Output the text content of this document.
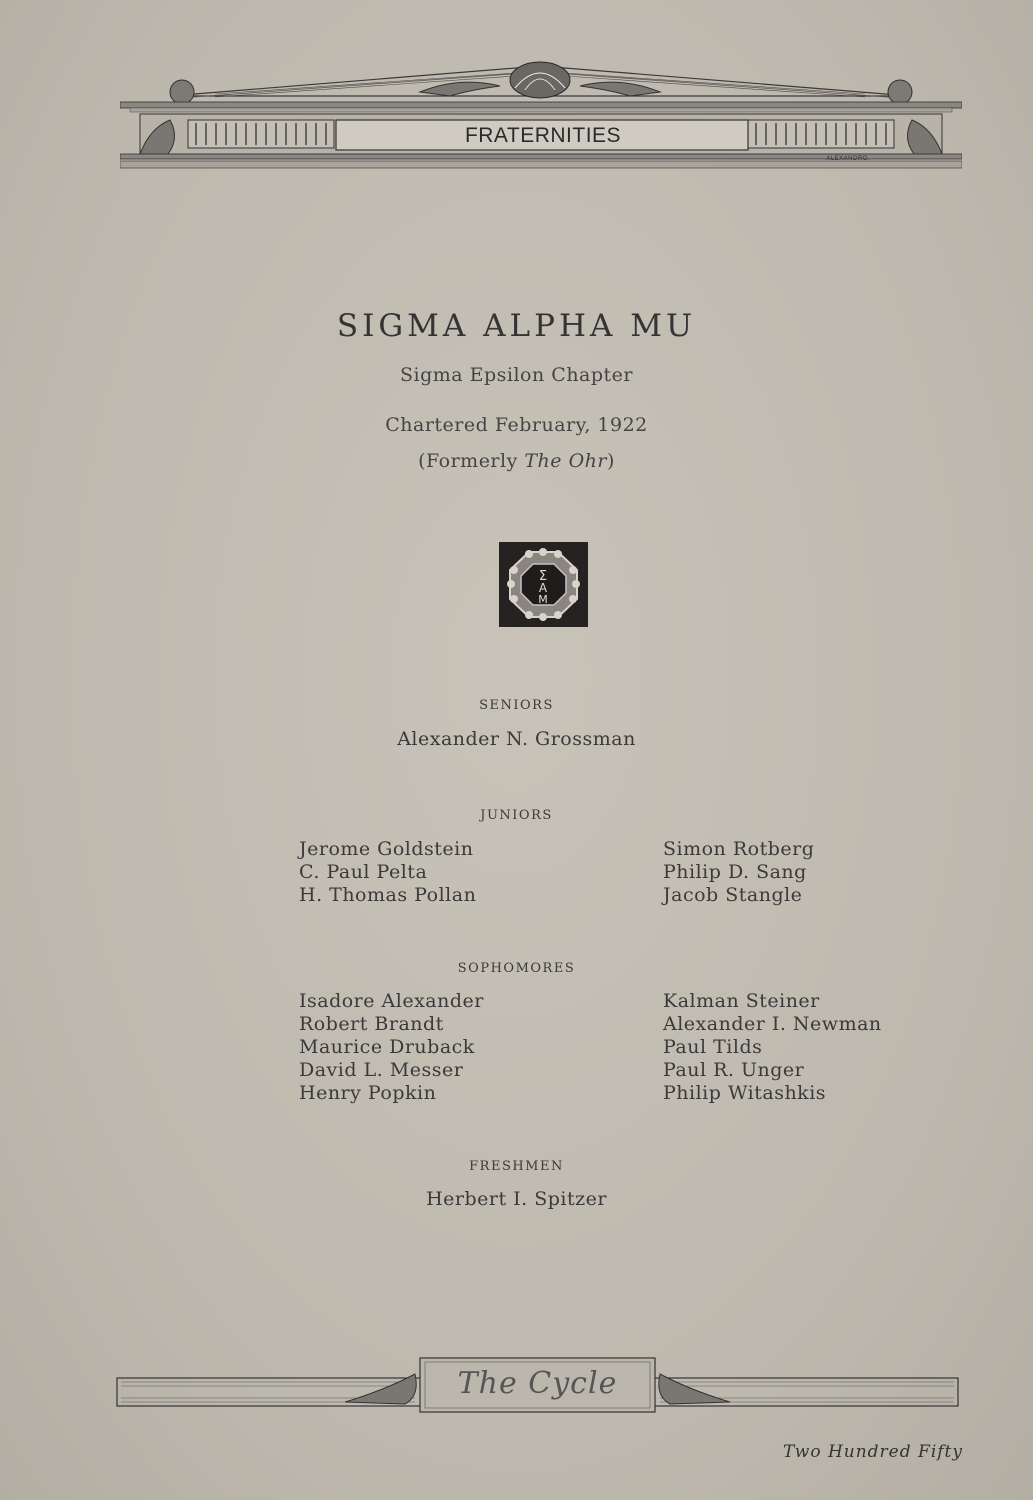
FRATERNITIES
ALEXANDRO.
SIGMA ALPHA MU
Sigma Epsilon Chapter
Chartered February, 1922
(Formerly The Ohr)
Σ
A
M
SENIORS
Alexander N. Grossman
JUNIORS
Jerome Goldstein
C. Paul Pelta
H. Thomas Pollan
Simon Rotberg
Philip D. Sang
Jacob Stangle
SOPHOMORES
Isadore Alexander
Robert Brandt
Maurice Druback
David L. Messer
Henry Popkin
Kalman Steiner
Alexander I. Newman
Paul Tilds
Paul R. Unger
Philip Witashkis
FRESHMEN
Herbert I. Spitzer
The Cycle
Two Hundred Fifty
